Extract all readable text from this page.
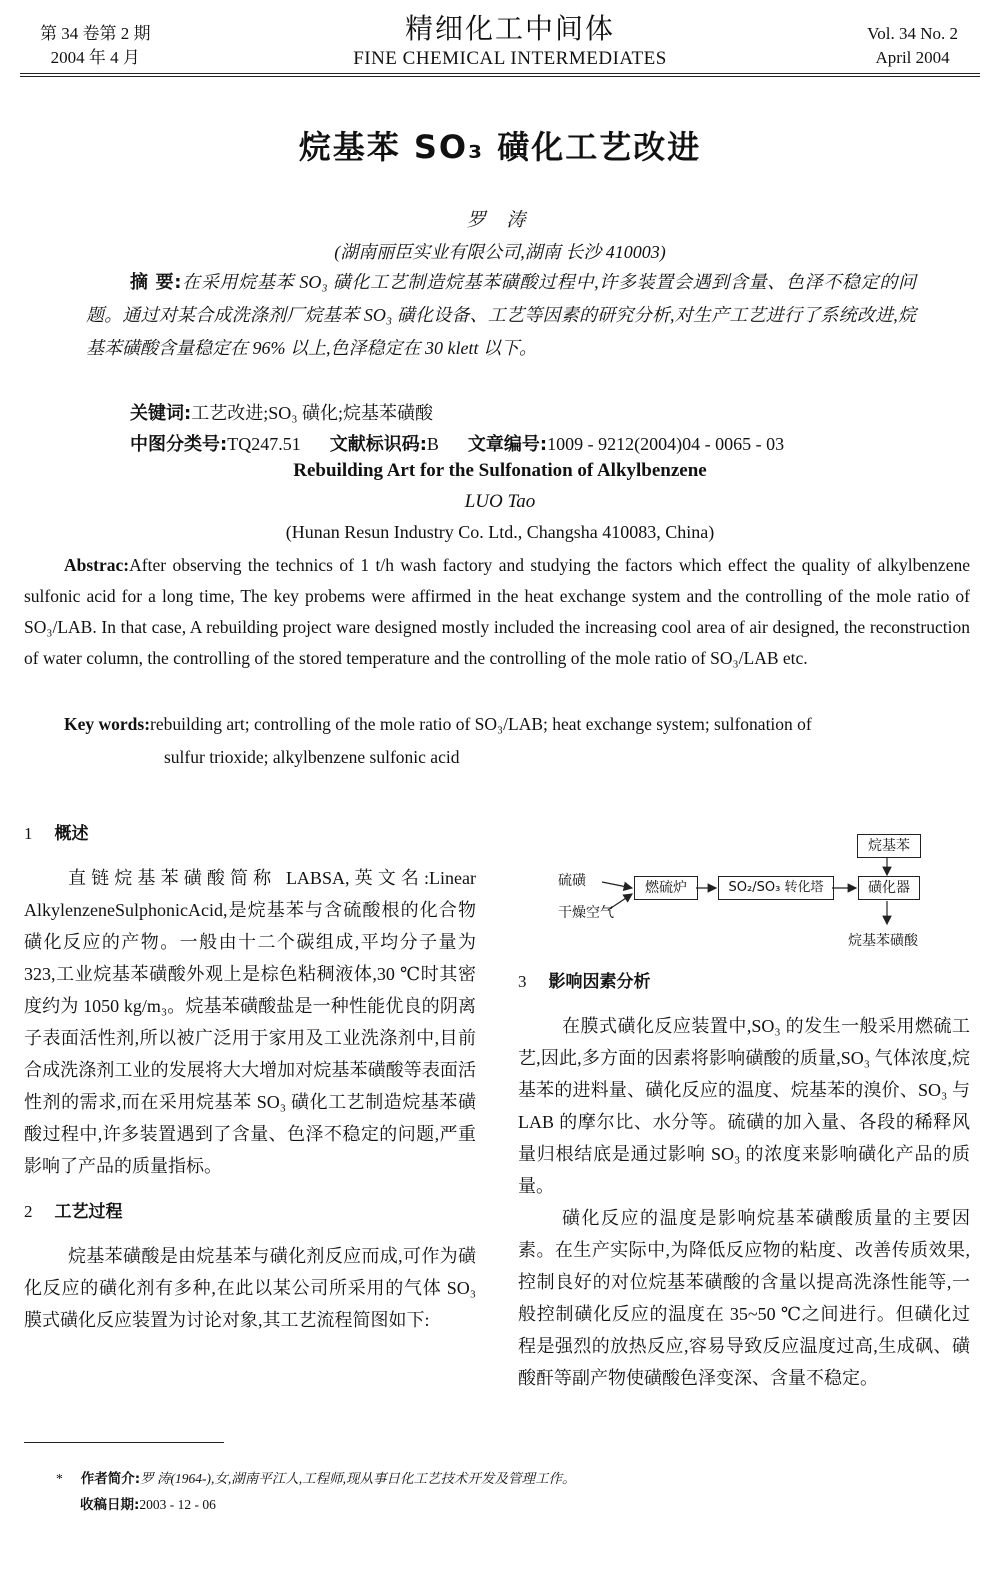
第 34 卷第 2 期
2004 年 4 月
精细化工中间体
FINE CHEMICAL INTERMEDIATES
Vol. 34 No. 2
April 2004
烷基苯 SO₃ 磺化工艺改进
罗 涛
(湖南丽臣实业有限公司,湖南 长沙 410003)
摘 要:在采用烷基苯 SO₃ 磺化工艺制造烷基苯磺酸过程中,许多装置会遇到含量、色泽不稳定的问题。通过对某合成洗涤剂厂烷基苯 SO₃ 磺化设备、工艺等因素的研究分析,对生产工艺进行了系统改进,烷基苯磺酸含量稳定在 96% 以上,色泽稳定在 30 klett 以下。
关键词:工艺改进;SO₃ 磺化;烷基苯磺酸
中图分类号:TQ247.51 文献标识码:B 文章编号:1009 - 9212(2004)04 - 0065 - 03
Rebuilding Art for the Sulfonation of Alkylbenzene
LUO Tao
(Hunan Resun Industry Co. Ltd., Changsha 410083, China)
Abstrac:After observing the technics of 1 t/h wash factory and studying the factors which effect the quality of alkylbenzene sulfonic acid for a long time, The key probems were affirmed in the heat exchange system and the controlling of the mole ratio of SO₃/LAB. In that case, A rebuilding project ware designed mostly included the increasing cool area of air designed, the reconstruction of water column, the controlling of the stored temperature and the controlling of the mole ratio of SO₃/LAB etc.
Key words:rebuilding art; controlling of the mole ratio of SO₃/LAB; heat exchange system; sulfonation of
sulfur trioxide; alkylbenzene sulfonic acid
1 概述
直链烷基苯磺酸简称 LABSA,英文名:Linear AlkylenzeneSulphonicAcid,是烷基苯与含硫酸根的化合物磺化反应的产物。一般由十二个碳组成,平均分子量为 323,工业烷基苯磺酸外观上是棕色粘稠液体,30 ℃时其密度约为 1050 kg/m₃。烷基苯磺酸盐是一种性能优良的阴离子表面活性剂,所以被广泛用于家用及工业洗涤剂中,目前合成洗涤剂工业的发展将大大增加对烷基苯磺酸等表面活性剂的需求,而在采用烷基苯 SO₃ 磺化工艺制造烷基苯磺酸过程中,许多装置遇到了含量、色泽不稳定的问题,严重影响了产品的质量指标。
2 工艺过程
烷基苯磺酸是由烷基苯与磺化剂反应而成,可作为磺化反应的磺化剂有多种,在此以某公司所采用的气体 SO₃ 膜式磺化反应装置为讨论对象,其工艺流程简图如下:
硫磺
干燥空气
燃硫炉	SO₂/SO₃ 转化塔	磺化器
烷基苯
烷基苯磺酸
3 影响因素分析
在膜式磺化反应装置中,SO₃ 的发生一般采用燃硫工艺,因此,多方面的因素将影响磺酸的质量,SO₃ 气体浓度,烷基苯的进料量、磺化反应的温度、烷基苯的溴价、SO₃ 与 LAB 的摩尔比、水分等。硫磺的加入量、各段的稀释风量归根结底是通过影响 SO₃ 的浓度来影响磺化产品的质量。
磺化反应的温度是影响烷基苯磺酸质量的主要因素。在生产实际中,为降低反应物的粘度、改善传质效果,控制良好的对位烷基苯磺酸的含量以提高洗涤性能等,一般控制磺化反应的温度在 35~50 ℃之间进行。但磺化过程是强烈的放热反应,容易导致反应温度过高,生成砜、磺酸酐等副产物使磺酸色泽变深、含量不稳定。
* 作者简介:罗 涛(1964-),女,湖南平江人,工程师,现从事日化工艺技术开发及管理工作。
收稿日期:2003 - 12 - 06
